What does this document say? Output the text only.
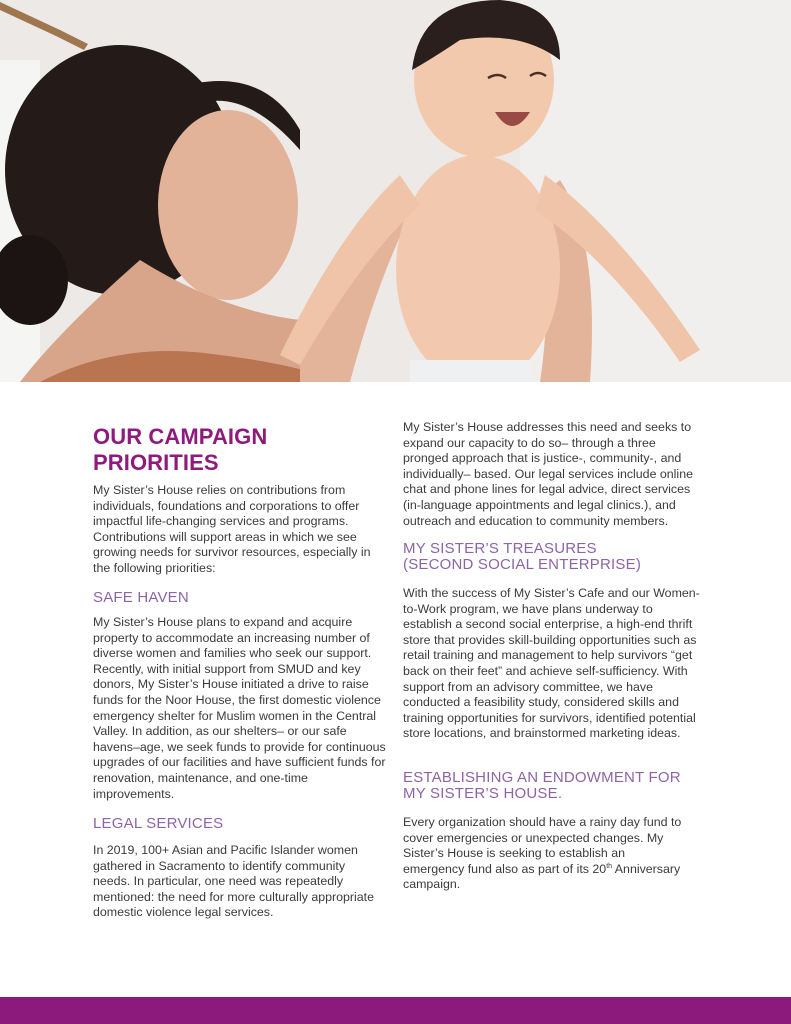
OUR CAMPAIGN PRIORITIES

My Sister’s House relies on contributions from individuals, foundations and corporations to offer impactful life-changing services and programs. Contributions will support areas in which we see growing needs for survivor resources, especially in the following priorities:

SAFE HAVEN

My Sister’s House plans to expand and acquire property to accommodate an increasing number of diverse women and families who seek our support. Recently, with initial support from SMUD and key donors, My Sister’s House initiated a drive to raise funds for the Noor House, the first domestic violence emergency shelter for Muslim women in the Central Valley. In addition, as our shelters– or our safe havens–age, we seek funds to provide for continuous upgrades of our facilities and have sufficient funds for renovation, maintenance, and one-time improvements.

LEGAL SERVICES

In 2019, 100+ Asian and Pacific Islander women gathered in Sacramento to identify community needs. In particular, one need was repeatedly mentioned: the need for more culturally appropriate domestic violence legal services.

My Sister’s House addresses this need and seeks to expand our capacity to do so– through a three pronged approach that is justice-, community-, and individually– based. Our legal services include online chat and phone lines for legal advice, direct services (in-language appointments and legal clinics.), and outreach and education to community members.

MY SISTER’S TREASURES
(SECOND SOCIAL ENTERPRISE)

With the success of My Sister’s Cafe and our Women-to-Work program, we have plans underway to establish a second social enterprise, a high-end thrift store that provides skill-building opportunities such as retail training and management to help survivors “get back on their feet” and achieve self-sufficiency. With support from an advisory committee, we have conducted a feasibility study, considered skills and training opportunities for survivors, identified potential store locations, and brainstormed marketing ideas.

ESTABLISHING AN ENDOWMENT FOR
MY SISTER’S HOUSE.

Every organization should have a rainy day fund to cover emergencies or unexpected changes. My Sister’s House is seeking to establish an emergency fund also as part of its 20th Anniversary campaign.
